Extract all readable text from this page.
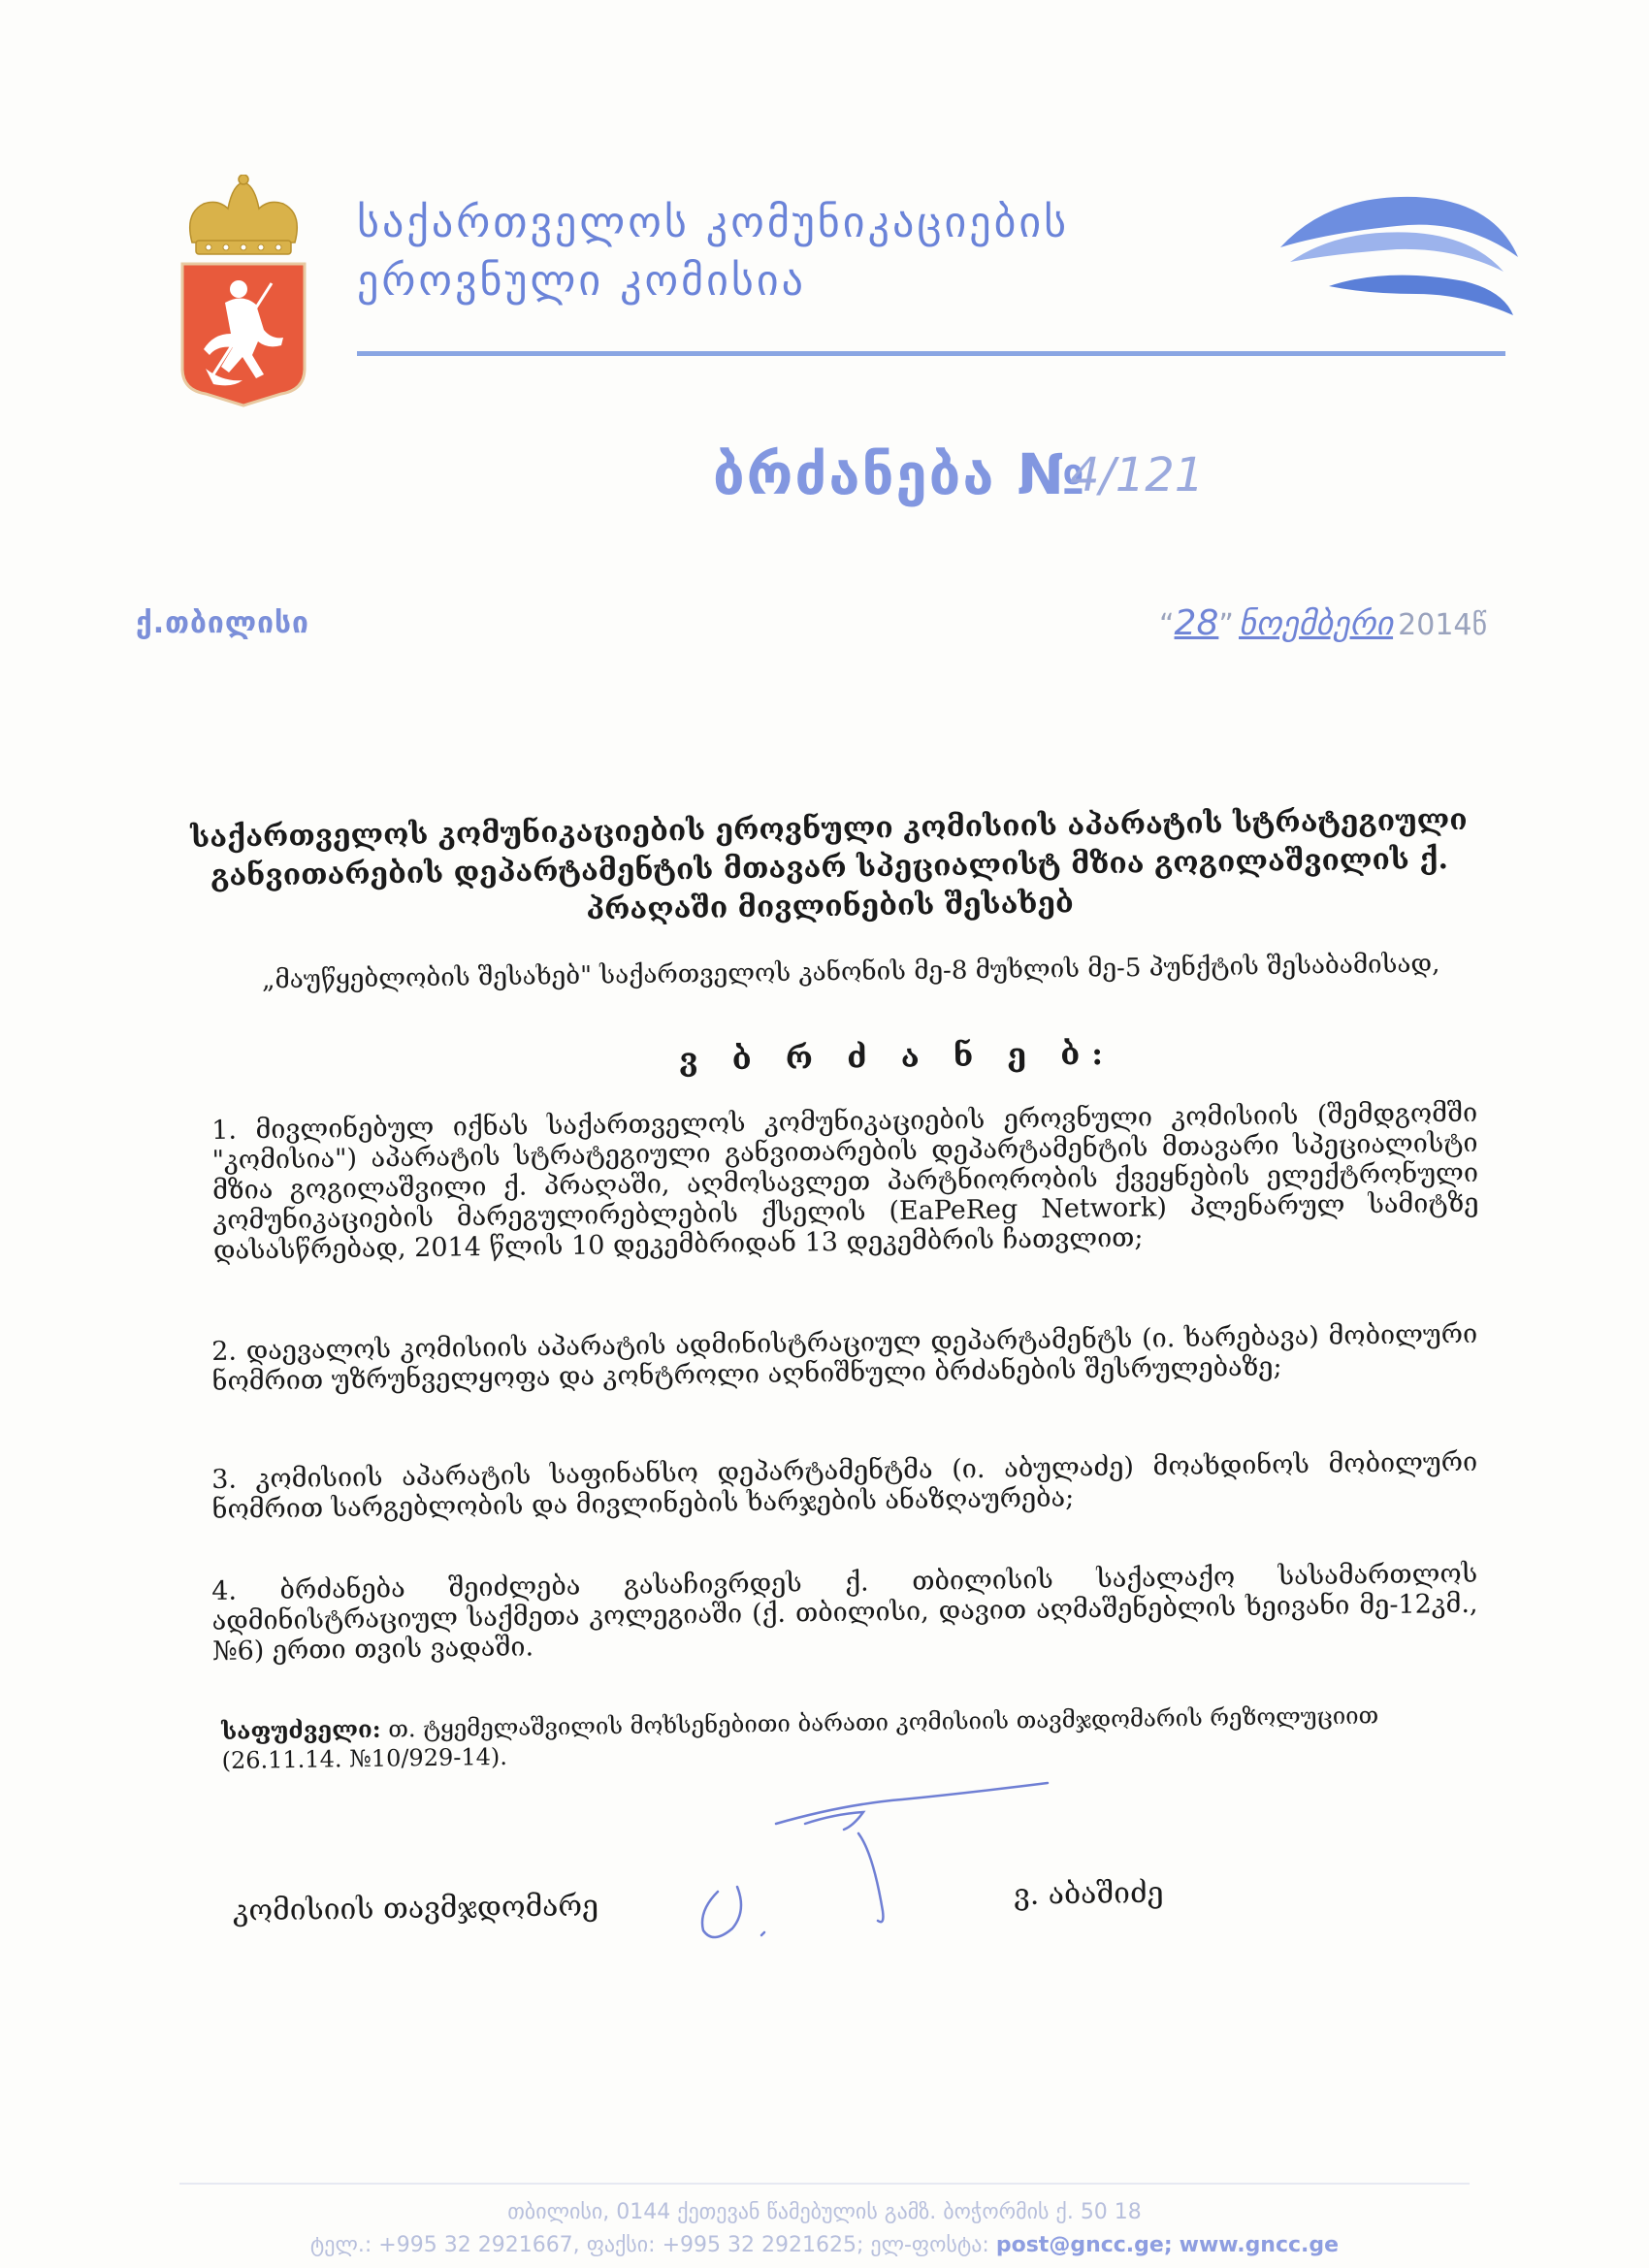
საქართველოს კომუნიკაციების
ეროვნული კომისია
ბრძანება №
4/121
ქ.თბილისი	“28” ნოემბერი 2014წ
საქართველოს კომუნიკაციების ეროვნული კომისიის აპარატის სტრატეგიული განვითარების დეპარტამენტის მთავარ სპეციალისტ მზია გოგილაშვილის ქ. პრაღაში მივლინების შესახებ
„მაუწყებლობის შესახებ" საქართველოს კანონის მე-8 მუხლის მე-5 პუნქტის შესაბამისად,
ვ ბ რ ძ ა ნ ე ბ:
1. მივლინებულ იქნას საქართველოს კომუნიკაციების ეროვნული კომისიის (შემდგომში "კომისია") აპარატის სტრატეგიული განვითარების დეპარტამენტის მთავარი სპეციალისტი მზია გოგილაშვილი ქ. პრაღაში, აღმოსავლეთ პარტნიორობის ქვეყნების ელექტრონული კომუნიკაციების მარეგულირებლების ქსელის (EaPeReg Network) პლენარულ სამიტზე დასასწრებად, 2014 წლის 10 დეკემბრიდან 13 დეკემბრის ჩათვლით;
2. დაევალოს კომისიის აპარატის ადმინისტრაციულ დეპარტამენტს (ი. ხარებავა) მობილური ნომრით უზრუნველყოფა და კონტროლი აღნიშნული ბრძანების შესრულებაზე;
3. კომისიის აპარატის საფინანსო დეპარტამენტმა (ი. აბულაძე) მოახდინოს მობილური ნომრით სარგებლობის და მივლინების ხარჯების ანაზღაურება;
4. ბრძანება შეიძლება გასაჩივრდეს ქ. თბილისის საქალაქო სასამართლოს ადმინისტრაციულ საქმეთა კოლეგიაში (ქ. თბილისი, დავით აღმაშენებლის ხეივანი მე-12კმ., №6) ერთი თვის ვადაში.
საფუძველი: თ. ტყემელაშვილის მოხსენებითი ბარათი კომისიის თავმჯდომარის რეზოლუციით (26.11.14. №10/929-14).
კომისიის თავმჯდომარე	ვ. აბაშიძე
თბილისი, 0144 ქეთევან წამებულის გამზ. ბოჭორმის ქ. 50 18
ტელ.: +995 32 2921667, ფაქსი: +995 32 2921625; ელ-ფოსტა: post@gncc.ge; www.gncc.ge
